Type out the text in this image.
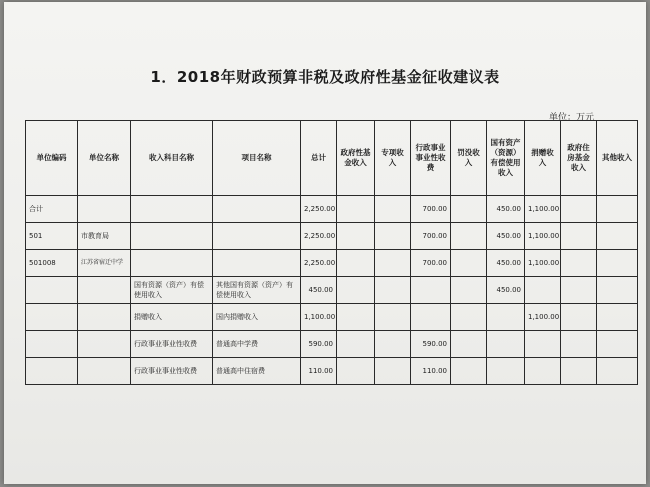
1．2018年财政预算非税及政府性基金征收建议表
单位：万元
单位编码	单位名称	收入科目名称	项目名称	总计	政府性基金收入	专项收入	行政事业事业性收费	罚没收入	国有资产（资源）有偿使用收入	捐赠收入	政府住房基金收入	其他收入
合计				2,250.00			700.00		450.00	1,100.00		
501	市教育局			2,250.00			700.00		450.00	1,100.00		
501008	江苏省宿迁中学			2,250.00			700.00		450.00	1,100.00		
		国有资源（资产）有偿使用收入	其他国有资源（资产）有偿使用收入	450.00					450.00			
		捐赠收入	国内捐赠收入	1,100.00						1,100.00		
		行政事业事业性收费	普通高中学费	590.00			590.00					
		行政事业事业性收费	普通高中住宿费	110.00			110.00					
